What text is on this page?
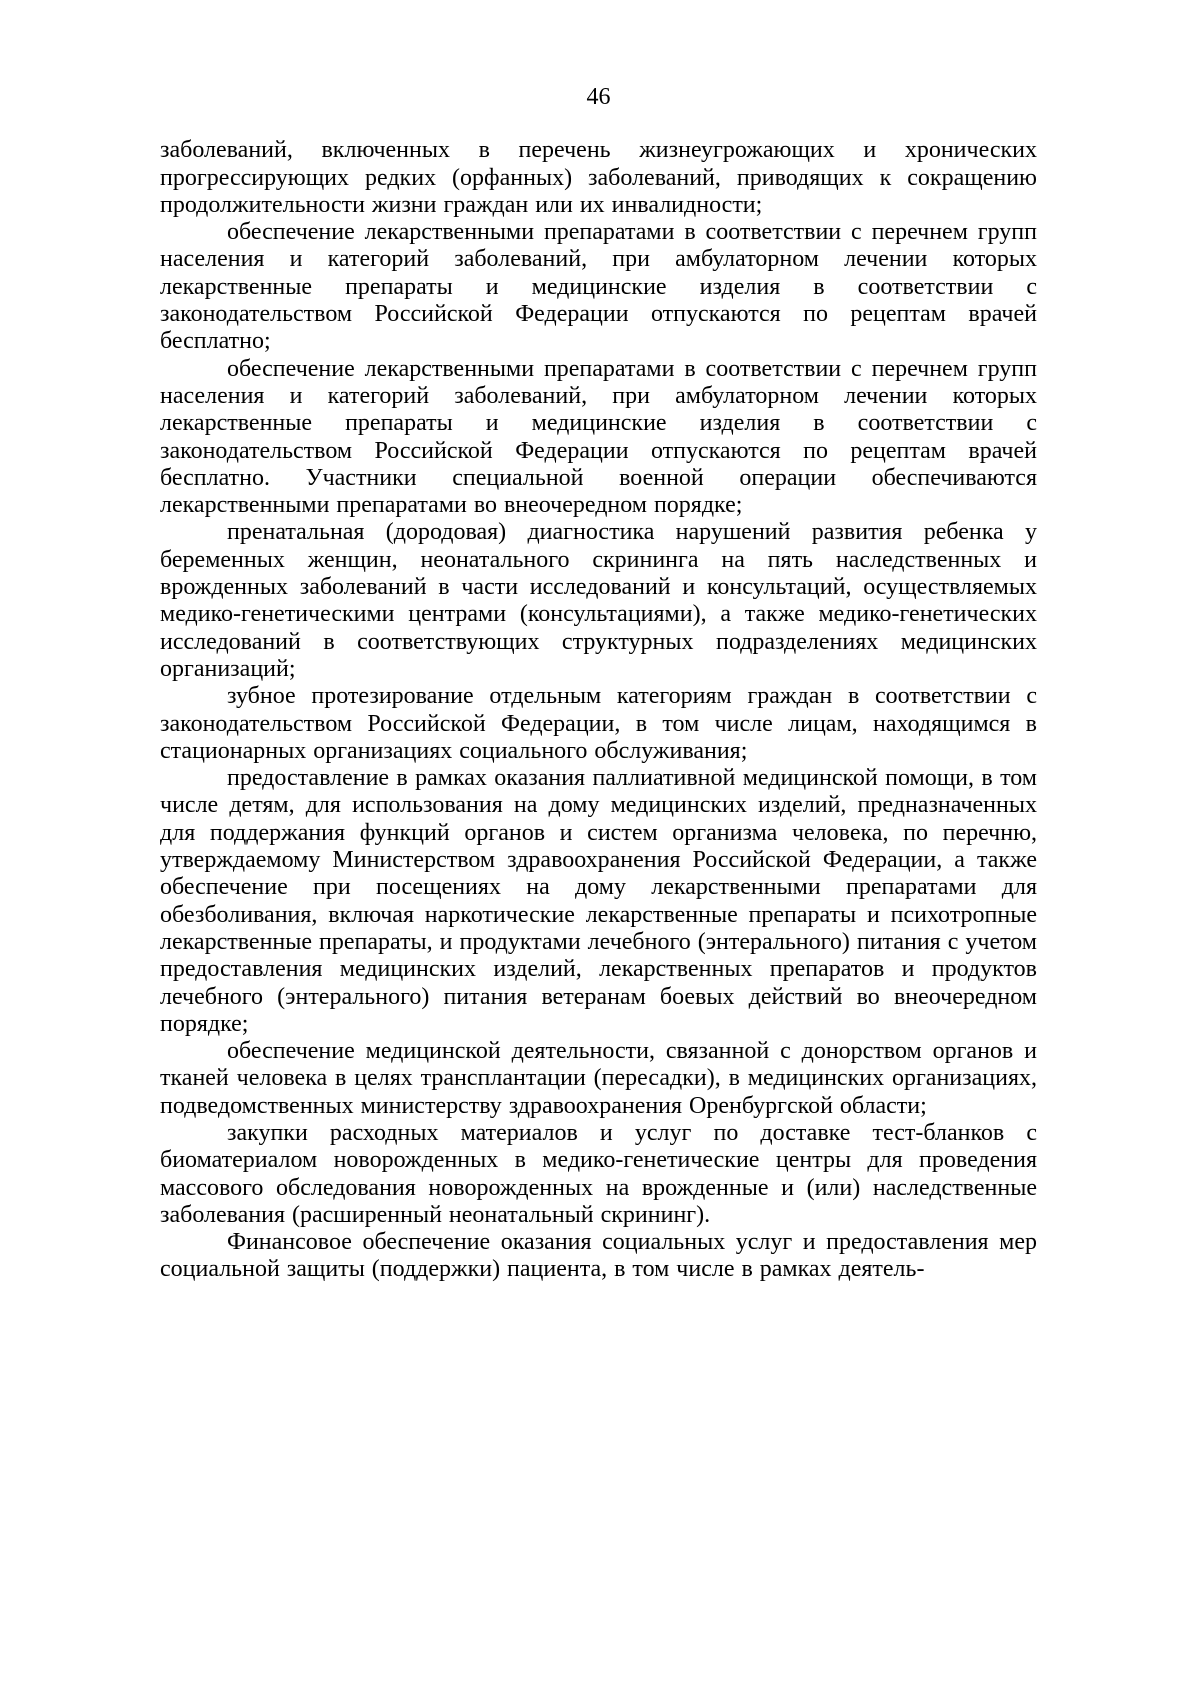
46

заболеваний, включенных в перечень жизнеугрожающих и хронических прогрессирующих редких (орфанных) заболеваний, приводящих к сокращению продолжительности жизни граждан или их инвалидности;

обеспечение лекарственными препаратами в соответствии с перечнем групп населения и категорий заболеваний, при амбулаторном лечении которых лекарственные препараты и медицинские изделия в соответствии с законодательством Российской Федерации отпускаются по рецептам врачей бесплатно;

обеспечение лекарственными препаратами в соответствии с перечнем групп населения и категорий заболеваний, при амбулаторном лечении которых лекарственные препараты и медицинские изделия в соответствии с законодательством Российской Федерации отпускаются по рецептам врачей бесплатно. Участники специальной военной операции обеспечиваются лекарственными препаратами во внеочередном порядке;

пренатальная (дородовая) диагностика нарушений развития ребенка у беременных женщин, неонатального скрининга на пять наследственных и врожденных заболеваний в части исследований и консультаций, осуществляемых медико-генетическими центрами (консультациями), а также медико-генетических исследований в соответствующих структурных подразделениях медицинских организаций;

зубное протезирование отдельным категориям граждан в соответствии с законодательством Российской Федерации, в том числе лицам, находящимся в стационарных организациях социального обслуживания;

предоставление в рамках оказания паллиативной медицинской помощи, в том числе детям, для использования на дому медицинских изделий, предназначенных для поддержания функций органов и систем организма человека, по перечню, утверждаемому Министерством здравоохранения Российской Федерации, а также обеспечение при посещениях на дому лекарственными препаратами для обезболивания, включая наркотические лекарственные препараты и психотропные лекарственные препараты, и продуктами лечебного (энтерального) питания с учетом предоставления медицинских изделий, лекарственных препаратов и продуктов лечебного (энтерального) питания ветеранам боевых действий во внеочередном порядке;

обеспечение медицинской деятельности, связанной с донорством органов и тканей человека в целях трансплантации (пересадки), в медицинских организациях, подведомственных министерству здравоохранения Оренбургской области;

закупки расходных материалов и услуг по доставке тест-бланков с биоматериалом новорожденных в медико-генетические центры для проведения массового обследования новорожденных на врожденные и (или) наследственные заболевания (расширенный неонатальный скрининг).

Финансовое обеспечение оказания социальных услуг и предоставления мер социальной защиты (поддержки) пациента, в том числе в рамках деятель-
